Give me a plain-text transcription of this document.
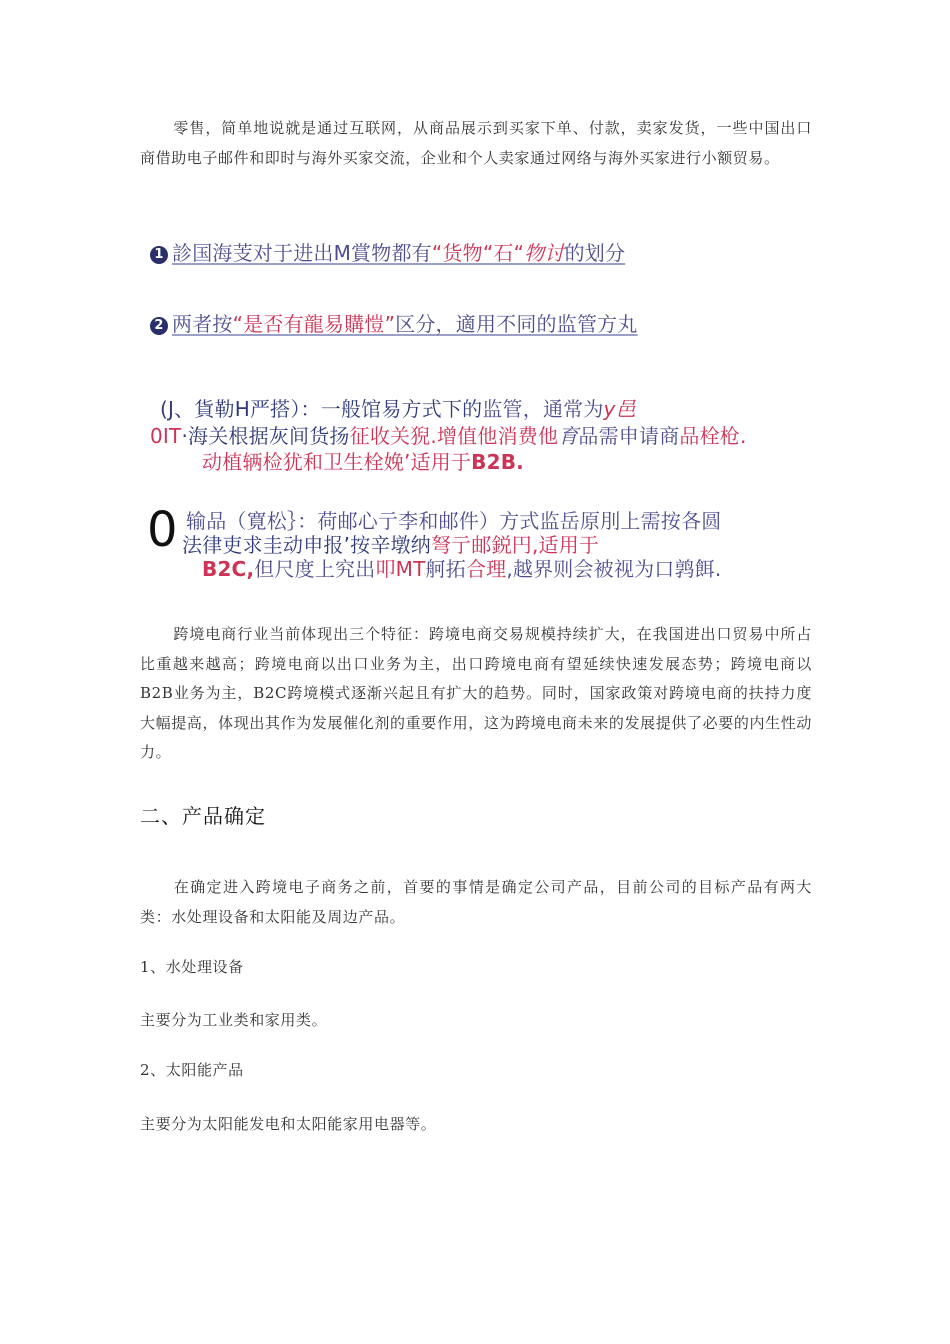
零售，简单地说就是通过互联网，从商品展示到买家下单、付款，卖家发货，一些中国出口商借助电子邮件和即时与海外买家交流，企业和个人卖家通过网络与海外买家进行小额贸易。
1 診国海芰对于进出M賞物都有“货物“石“物讨的划分
2 两者按“是否有龍易購愷”区分，適用不同的监管方丸
(J、貨勒H严搭）：一般馆易方式下的监管，通常为y邑
0IT·海关根据灰间货扬征收关猊.增值他消费他育品需申请商品栓枪.
动植辆检犹和卫生栓娩’适用于B2B.
0 输品（寛松｝：荷邮心亍李和邮件）方式监岳原刖上需按各圆
法律吏求圭动申报’按辛墩纳弩亍邮鋭円,适用于
B2C,但尺度上究出叩MT舸拓合理,越界则会被视为口鹑餌.
跨境电商行业当前体现出三个特征：跨境电商交易规模持续扩大，在我国进出口贸易中所占比重越来越高；跨境电商以出口业务为主，出口跨境电商有望延续快速发展态势；跨境电商以B2B业务为主，B2C跨境模式逐渐兴起且有扩大的趋势。同时，国家政策对跨境电商的扶持力度大幅提高，体现出其作为发展催化剂的重要作用，这为跨境电商未来的发展提供了必要的内生性动力。
二、产品确定
在确定进入跨境电子商务之前，首要的事情是确定公司产品，目前公司的目标产品有两大类：水处理设备和太阳能及周边产品。
1、水处理设备
主要分为工业类和家用类。
2、太阳能产品
主要分为太阳能发电和太阳能家用电器等。
